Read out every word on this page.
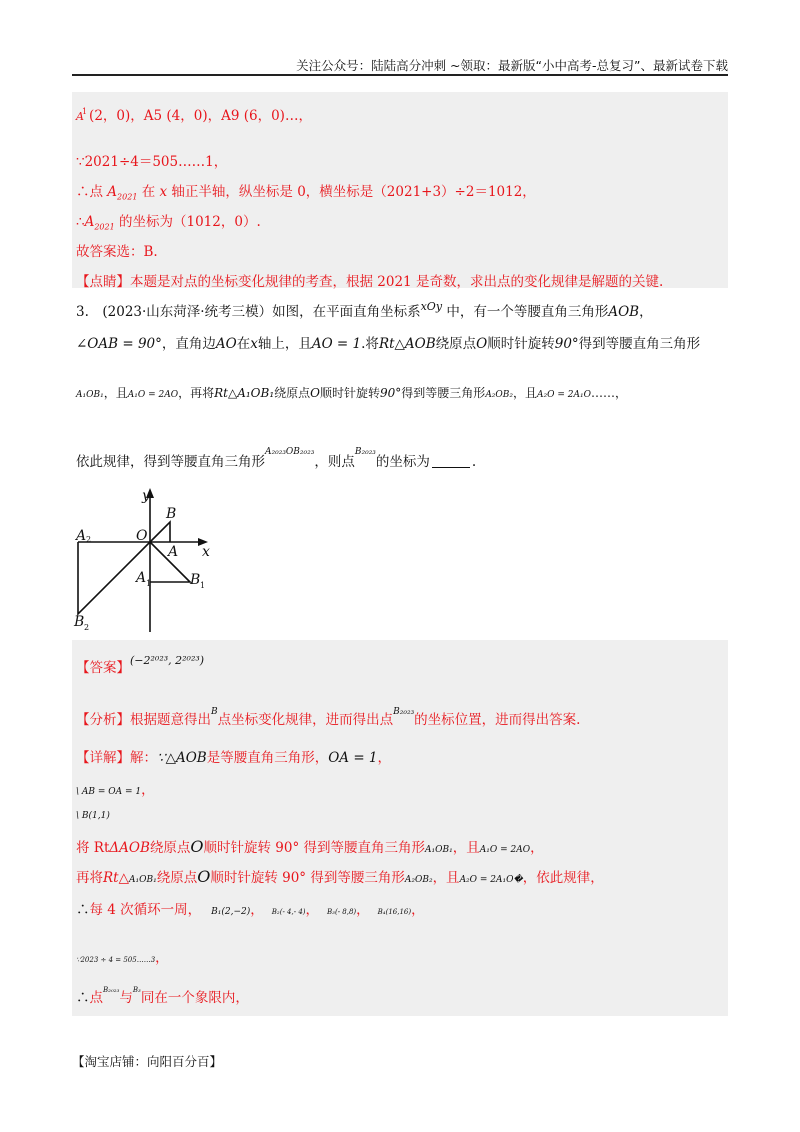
关注公众号：陆陆高分冲刺 ~领取：最新版“小中高考-总复习”、最新试卷下载
$A_1$ (2，0)，A5 (4，0)，A9 (6，0)…，
∵2021÷4＝505……1，
∴点 $A_{2021}$ 在 x 轴正半轴，纵坐标是 0，横坐标是（2021+3）÷2＝1012，
$\therefore A_{2021}$ 的坐标为（1012，0）.
故答案选：B.
【点睛】本题是对点的坐标变化规律的考查，根据 2021 是奇数，求出点的变化规律是解题的关键.
3.　(2023·山东菏泽·统考三模）如图，在平面直角坐标系$^{xOy}$ 中，有一个等腰直角三角形AOB，
∠OAB = 90°，直角边AO在x轴上，且AO = 1.将Rt△AOB绕原点O顺时针旋转90°得到等腰直角三角形
A₁OB₁，且A₁O = 2AO，再将Rt△A₁OB₁绕原点O顺时针旋转90°得到等腰三角形A₂OB₂，且A₂O = 2A₁O……，
依此规律，得到等腰直角三角形$^{A_{2023}OB_{2023}}$，则点$^{B_{2023}}$的坐标为	.
y
x
O
B
A
A 1	B 1
A 2
B 2
【答案】$^{(-2^{2023}, 2^{2023})}$
【分析】根据题意得出$^B$点坐标变化规律，进而得出点$^{B_{2023}}$的坐标位置，进而得出答案.
【详解】解：∵△AOB是等腰直角三角形，OA = 1，
\ AB = OA = 1，
\ B(1,1)
将 RtΔAOB绕原点O顺时针旋转 90° 得到等腰直角三角形A₁OB₁，且A₁O = 2AO，
再将Rt△A₁OB₁绕原点O顺时针旋转 90° 得到等腰三角形A₂OB₂，且A₂O = 2A₁O�，依此规律，
∴每 4 次循环一周， B₁(2,−2)， B₂(- 4,- 4)， B₃(- 8,8)， B₄(16,16)，
∵2023 ÷ 4 = 505……3，
∴点$^{B_{2023}}$与$^{B_3}$同在一个象限内，
【淘宝店铺：向阳百分百】
